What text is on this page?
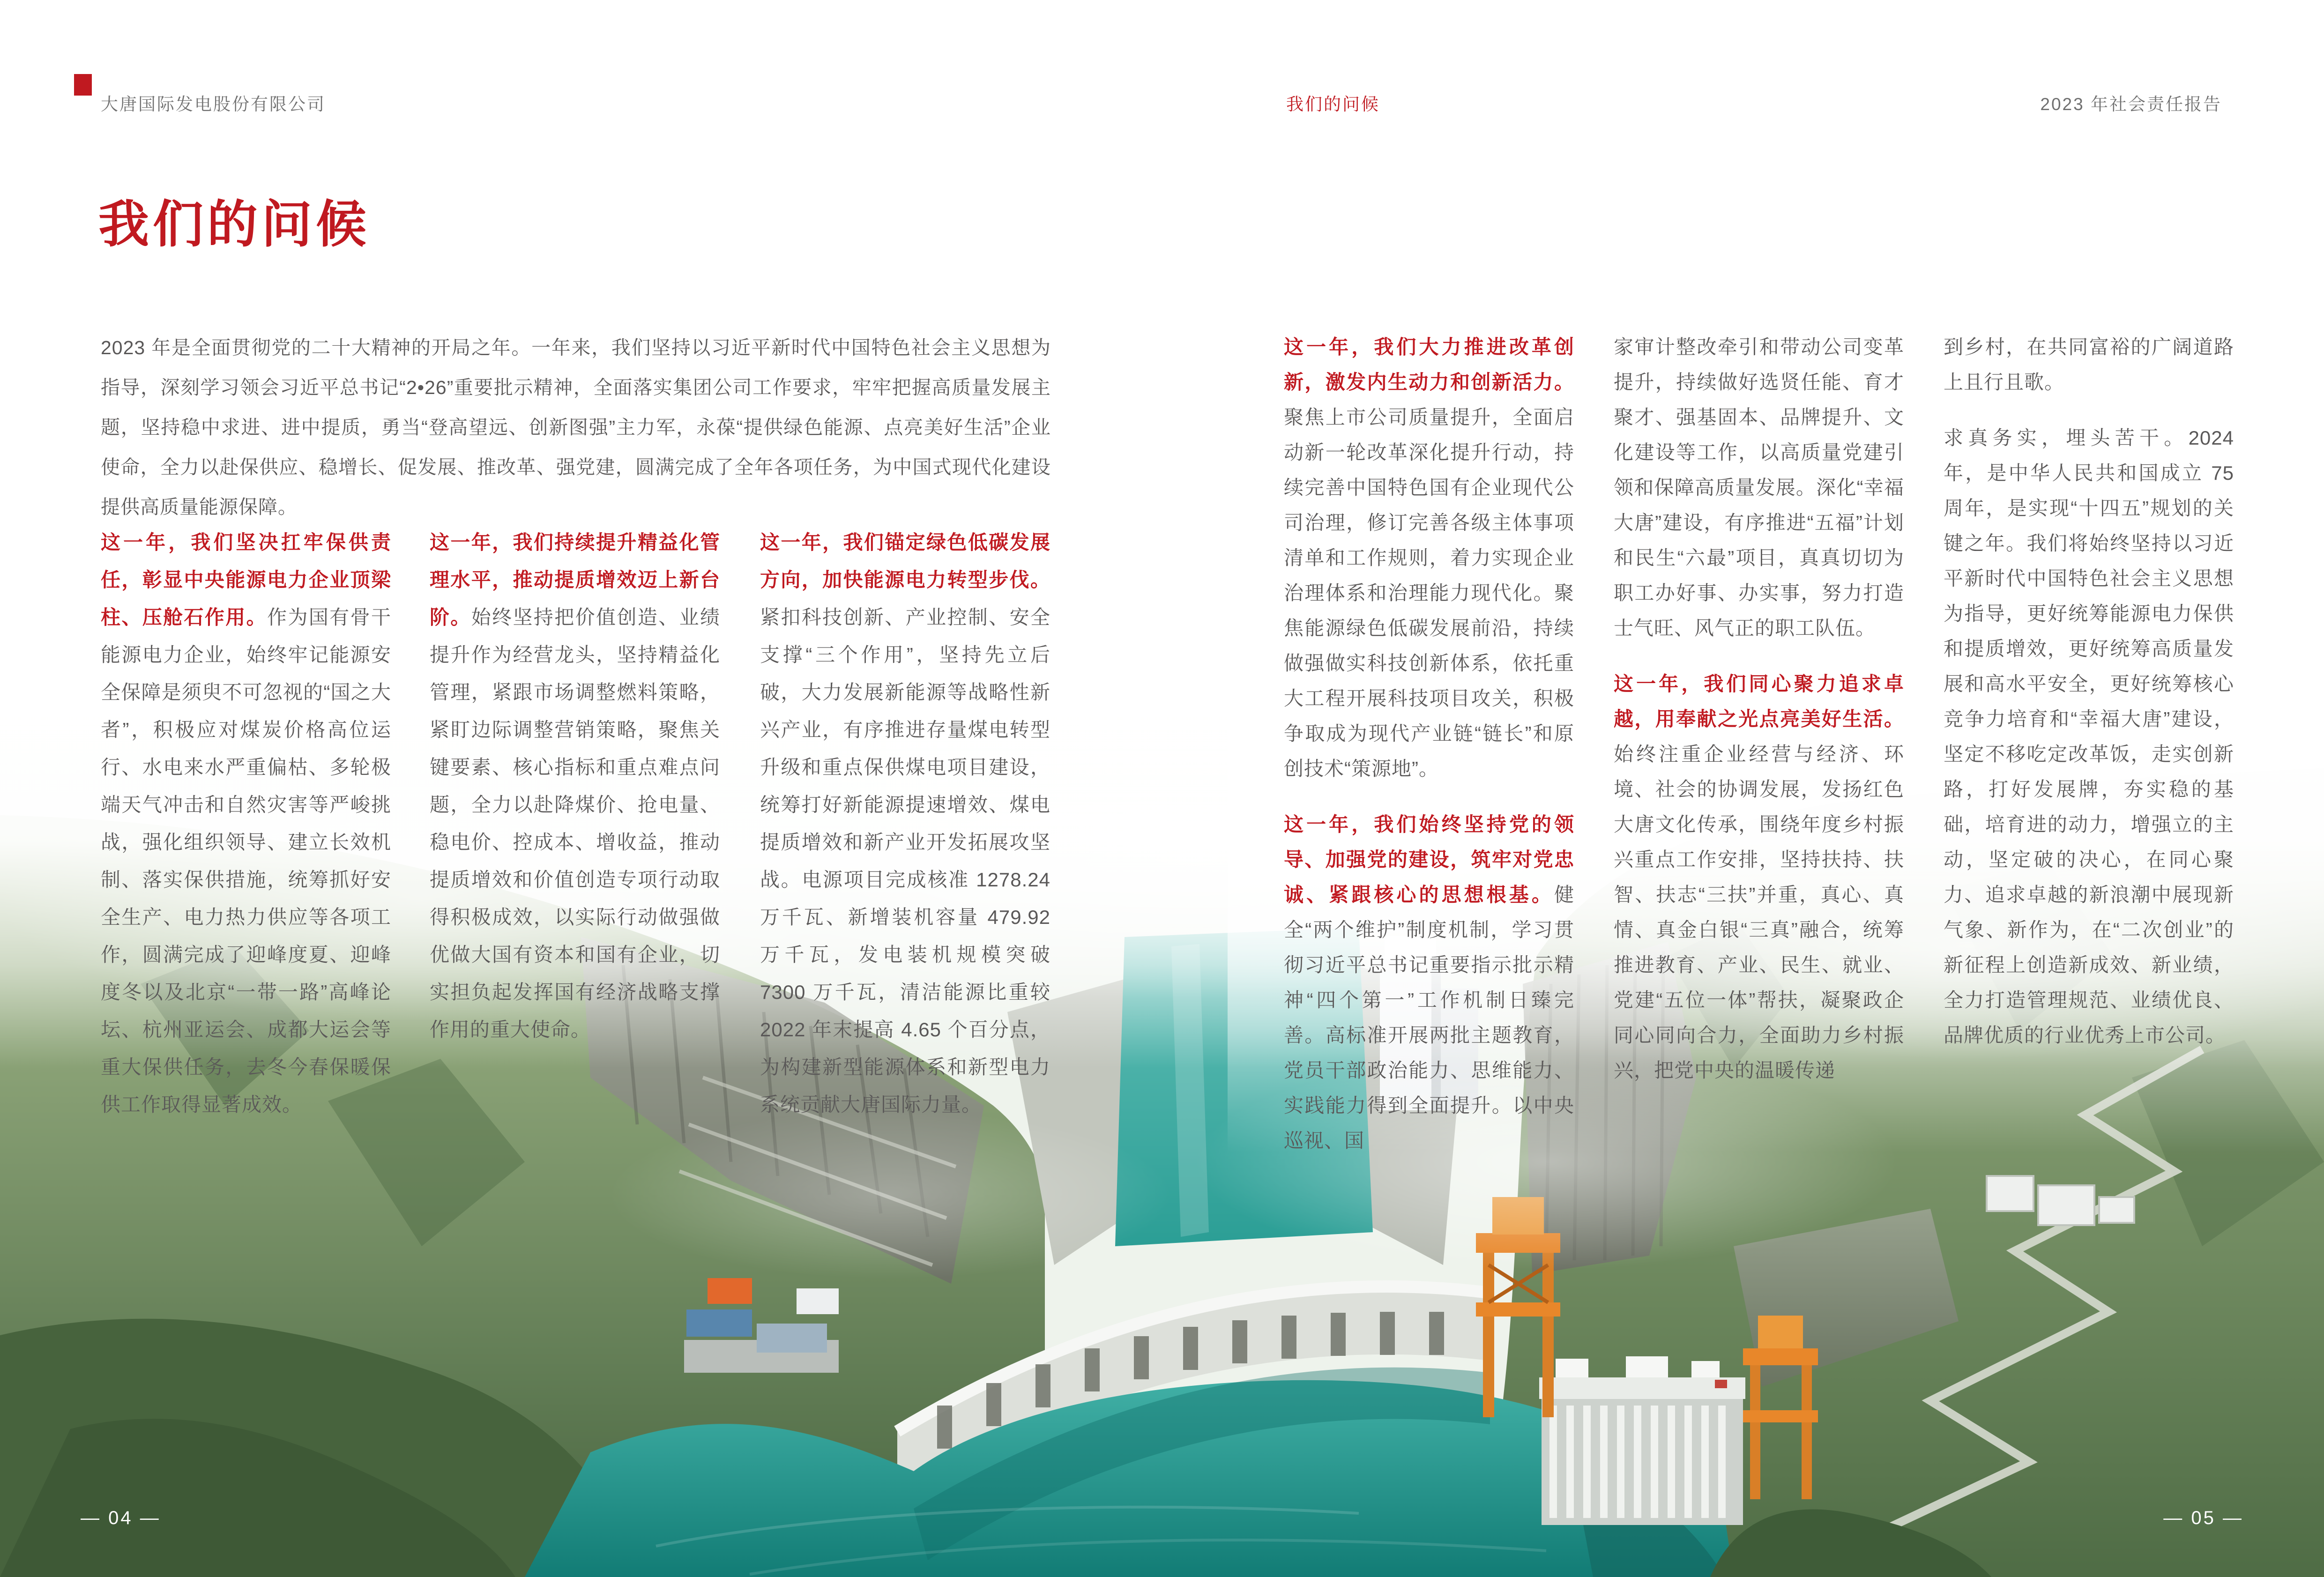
大唐国际发电股份有限公司	我们的问候	2023 年社会责任报告
我们的问候
2023 年是全面贯彻党的二十大精神的开局之年。一年来，我们坚持以习近平新时代中国特色社会主义思想为指导，深刻学习领会习近平总书记“2•26”重要批示精神，全面落实集团公司工作要求，牢牢把握高质量发展主题，坚持稳中求进、进中提质，勇当“登高望远、创新图强”主力军，永葆“提供绿色能源、点亮美好生活”企业使命，全力以赴保供应、稳增长、促发展、推改革、强党建，圆满完成了全年各项任务，为中国式现代化建设提供高质量能源保障。

这一年，我们坚决扛牢保供责任，彰显中央能源电力企业顶梁柱、压舱石作用。作为国有骨干能源电力企业，始终牢记能源安全保障是须臾不可忽视的“国之大者”，积极应对煤炭价格高位运行、水电来水严重偏枯、多轮极端天气冲击和自然灾害等严峻挑战，强化组织领导、建立长效机制、落实保供措施，统筹抓好安全生产、电力热力供应等各项工作，圆满完成了迎峰度夏、迎峰度冬以及北京“一带一路”高峰论坛、杭州亚运会、成都大运会等重大保供任务，去冬今春保暖保供工作取得显著成效。

这一年，我们持续提升精益化管理水平，推动提质增效迈上新台阶。始终坚持把价值创造、业绩提升作为经营龙头，坚持精益化管理，紧跟市场调整燃料策略，紧盯边际调整营销策略，聚焦关键要素、核心指标和重点难点问题，全力以赴降煤价、抢电量、稳电价、控成本、增收益，推动提质增效和价值创造专项行动取得积极成效，以实际行动做强做优做大国有资本和国有企业，切实担负起发挥国有经济战略支撑作用的重大使命。

这一年，我们锚定绿色低碳发展方向，加快能源电力转型步伐。紧扣科技创新、产业控制、安全支撑“三个作用”，坚持先立后破，大力发展新能源等战略性新兴产业，有序推进存量煤电转型升级和重点保供煤电项目建设，统筹打好新能源提速增效、煤电提质增效和新产业开发拓展攻坚战。电源项目完成核准 1278.24 万千瓦、新增装机容量 479.92 万千瓦，发电装机规模突破 7300 万千瓦，清洁能源比重较 2022 年末提高 4.65 个百分点，为构建新型能源体系和新型电力系统贡献大唐国际力量。

这一年，我们大力推进改革创新，激发内生动力和创新活力。聚焦上市公司质量提升，全面启动新一轮改革深化提升行动，持续完善中国特色国有企业现代公司治理，修订完善各级主体事项清单和工作规则，着力实现企业治理体系和治理能力现代化。聚焦能源绿色低碳发展前沿，持续做强做实科技创新体系，依托重大工程开展科技项目攻关，积极争取成为现代产业链“链长”和原创技术“策源地”。

这一年，我们始终坚持党的领导、加强党的建设，筑牢对党忠诚、紧跟核心的思想根基。健全“两个维护”制度机制，学习贯彻习近平总书记重要指示批示精神“四个第一”工作机制日臻完善。高标准开展两批主题教育，党员干部政治能力、思维能力、实践能力得到全面提升。以中央巡视、国

家审计整改牵引和带动公司变革提升，持续做好选贤任能、育才聚才、强基固本、品牌提升、文化建设等工作，以高质量党建引领和保障高质量发展。深化“幸福大唐”建设，有序推进“五福”计划和民生“六最”项目，真真切切为职工办好事、办实事，努力打造士气旺、风气正的职工队伍。

这一年，我们同心聚力追求卓越，用奉献之光点亮美好生活。始终注重企业经营与经济、环境、社会的协调发展，发扬红色大唐文化传承，围绕年度乡村振兴重点工作安排，坚持扶持、扶智、扶志“三扶”并重，真心、真情、真金白银“三真”融合，统筹推进教育、产业、民生、就业、党建“五位一体”帮扶，凝聚政企同心同向合力，全面助力乡村振兴，把党中央的温暖传递

到乡村，在共同富裕的广阔道路上且行且歌。

求真务实，埋头苦干。2024 年，是中华人民共和国成立 75 周年，是实现“十四五”规划的关键之年。我们将始终坚持以习近平新时代中国特色社会主义思想为指导，更好统筹能源电力保供和提质增效，更好统筹高质量发展和高水平安全，更好统筹核心竞争力培育和“幸福大唐”建设，坚定不移吃定改革饭，走实创新路，打好发展牌，夯实稳的基础，培育进的动力，增强立的主动，坚定破的决心，在同心聚力、追求卓越的新浪潮中展现新气象、新作为，在“二次创业”的新征程上创造新成效、新业绩，全力打造管理规范、业绩优良、品牌优质的行业优秀上市公司。

— 04 —	— 05 —
